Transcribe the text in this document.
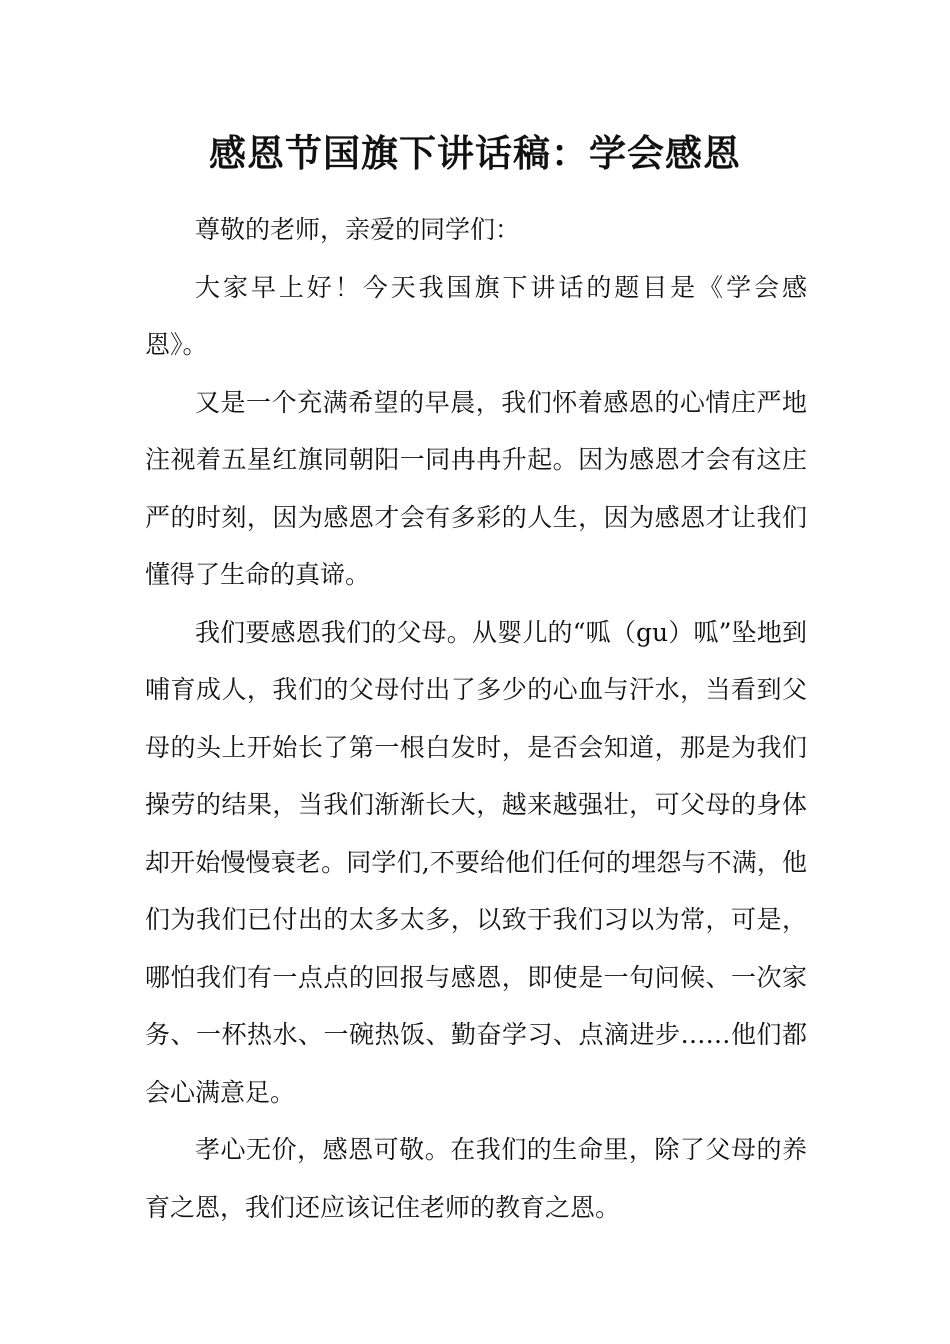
感恩节国旗下讲话稿：学会感恩

尊敬的老师，亲爱的同学们：

大家早上好！今天我国旗下讲话的题目是《学会感恩》。

又是一个充满希望的早晨，我们怀着感恩的心情庄严地注视着五星红旗同朝阳一同冉冉升起。因为感恩才会有这庄严的时刻，因为感恩才会有多彩的人生，因为感恩才让我们懂得了生命的真谛。

我们要感恩我们的父母。从婴儿的“呱（gu）呱”坠地到哺育成人，我们的父母付出了多少的心血与汗水，当看到父母的头上开始长了第一根白发时，是否会知道，那是为我们操劳的结果，当我们渐渐长大，越来越强壮，可父母的身体却开始慢慢衰老。同学们,不要给他们任何的埋怨与不满，他们为我们已付出的太多太多，以致于我们习以为常，可是，哪怕我们有一点点的回报与感恩，即使是一句问候、一次家务、一杯热水、一碗热饭、勤奋学习、点滴进步……他们都会心满意足。

孝心无价，感恩可敬。在我们的生命里，除了父母的养育之恩，我们还应该记住老师的教育之恩。
